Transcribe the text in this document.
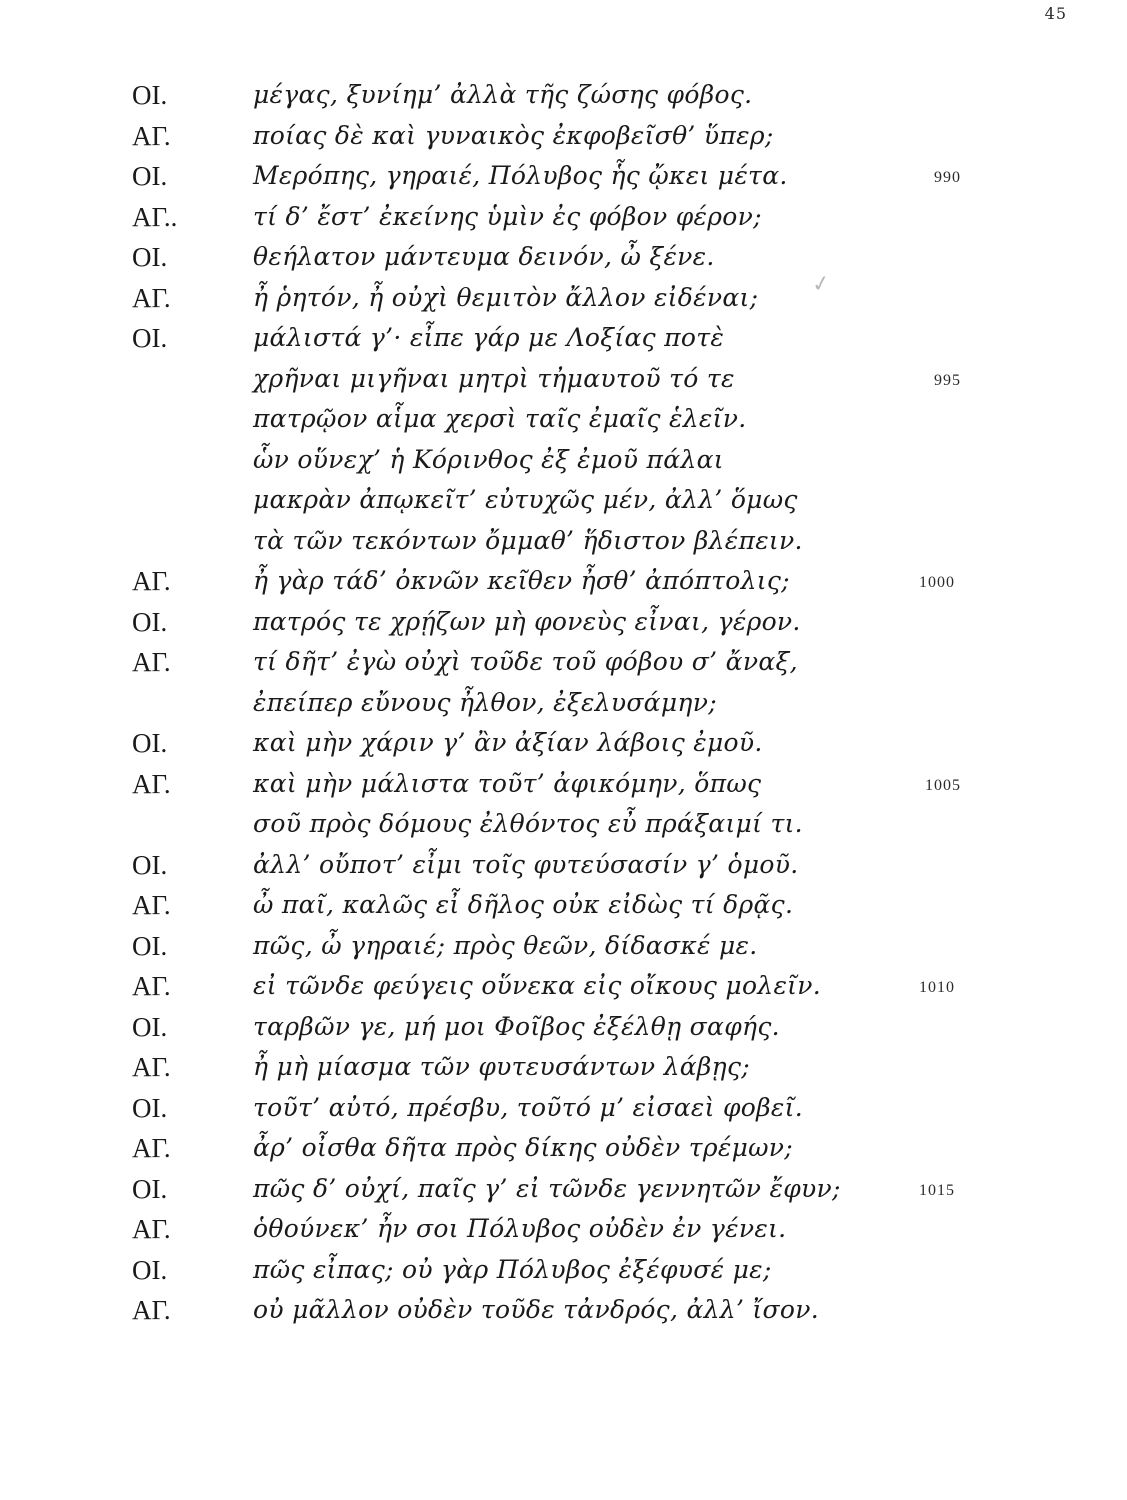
45
✓
ΟΙ.	μέγας, ξυνίημ’ ἀλλὰ τῆς ζώσης φόβος.
ΑΓ.	ποίας δὲ καὶ γυναικὸς ἐκφοβεῖσθ’ ὕπερ;
ΟΙ.	Μερόπης, γηραιέ, Πόλυβος ἧς ᾤκει μέτα.	990
ΑΓ..	τί δ’ ἔστ’ ἐκείνης ὑμὶν ἐς φόβον φέρον;
ΟΙ.	θεήλατον μάντευμα δεινόν, ὦ ξένε.
ΑΓ.	ἦ ῥητόν, ἦ οὐχὶ θεμιτὸν ἄλλον εἰδέναι;
ΟΙ.	μάλιστά γ’· εἶπε γάρ με Λοξίας ποτὲ
χρῆναι μιγῆναι μητρὶ τἠμαυτοῦ τό τε	995
πατρῷον αἷμα χερσὶ ταῖς ἐμαῖς ἑλεῖν.
ὧν οὕνεχ’ ἡ Κόρινθος ἐξ ἐμοῦ πάλαι
μακρὰν ἀπῳκεῖτ’ εὐτυχῶς μέν, ἀλλ’ ὅμως
τὰ τῶν τεκόντων ὄμμαθ’ ἥδιστον βλέπειν.
ΑΓ.	ἦ γὰρ τάδ’ ὀκνῶν κεῖθεν ἦσθ’ ἀπόπτολις;	1000
ΟΙ.	πατρός τε χρῄζων μὴ φονεὺς εἶναι, γέρον.
ΑΓ.	τί δῆτ’ ἐγὼ οὐχὶ τοῦδε τοῦ φόβου σ’ ἄναξ,
ἐπείπερ εὔνους ἦλθον, ἐξελυσάμην;
ΟΙ.	καὶ μὴν χάριν γ’ ἂν ἀξίαν λάβοις ἐμοῦ.
ΑΓ.	καὶ μὴν μάλιστα τοῦτ’ ἀφικόμην, ὅπως	1005
σοῦ πρὸς δόμους ἐλθόντος εὖ πράξαιμί τι.
ΟΙ.	ἀλλ’ οὔποτ’ εἶμι τοῖς φυτεύσασίν γ’ ὁμοῦ.
ΑΓ.	ὦ παῖ, καλῶς εἶ δῆλος οὐκ εἰδὼς τί δρᾷς.
ΟΙ.	πῶς, ὦ γηραιέ; πρὸς θεῶν, δίδασκέ με.
ΑΓ.	εἰ τῶνδε φεύγεις οὕνεκα εἰς οἴκους μολεῖν.	1010
ΟΙ.	ταρβῶν γε, μή μοι Φοῖβος ἐξέλθῃ σαφής.
ΑΓ.	ἦ μὴ μίασμα τῶν φυτευσάντων λάβῃς;
ΟΙ.	τοῦτ’ αὐτό, πρέσβυ, τοῦτό μ’ εἰσαεὶ φοβεῖ.
ΑΓ.	ἆρ’ οἶσθα δῆτα πρὸς δίκης οὐδὲν τρέμων;
ΟΙ.	πῶς δ’ οὐχί, παῖς γ’ εἰ τῶνδε γεννητῶν ἔφυν;	1015
ΑΓ.	ὁθούνεκ’ ἦν σοι Πόλυβος οὐδὲν ἐν γένει.
ΟΙ.	πῶς εἶπας; οὐ γὰρ Πόλυβος ἐξέφυσέ με;
ΑΓ.	οὐ μᾶλλον οὐδὲν τοῦδε τἀνδρός, ἀλλ’ ἴσον.
